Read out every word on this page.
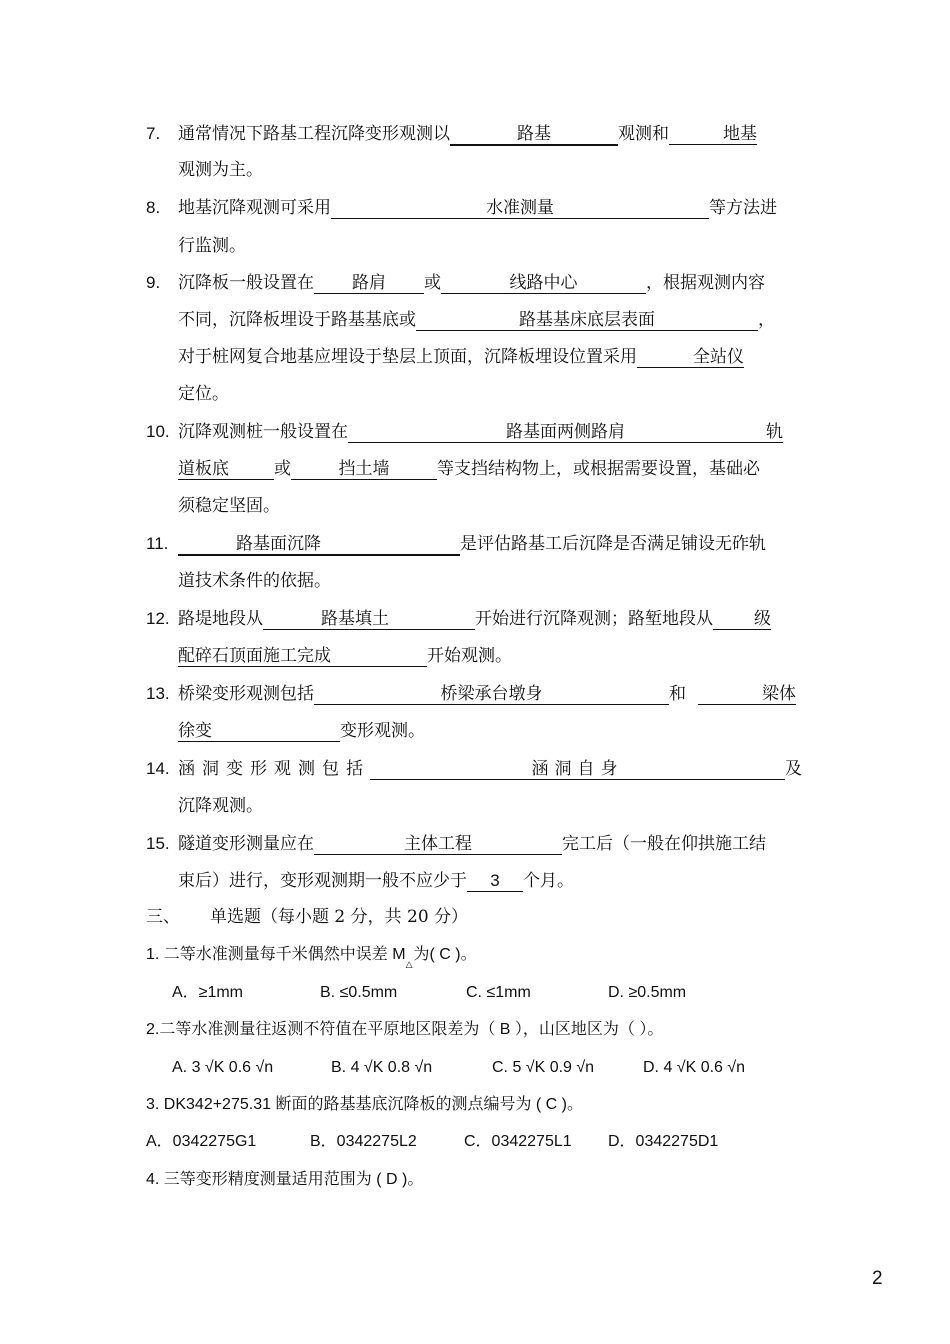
7. 通常情况下路基工程沉降变形观测以	路基	观测和	地基
观测为主。
8. 地基沉降观测可采用	水准测量	等方法进
行监测。
9. 沉降板一般设置在 路肩 或	线路中心	，根据观测内容
不同，沉降板埋设于路基基底或	路基基床底层表面	，
对于桩网复合地基应埋设于垫层上顶面，沉降板埋设位置采用	全站仪
定位。
10. 沉降观测桩一般设置在	路基面两侧路肩	轨
道板底	或	挡土墙	等支挡结构物上，或根据需要设置，基础必
须稳定坚固。
11.	路基面沉降	是评估路基工后沉降是否满足铺设无砟轨
道技术条件的依据。
12. 路堤地段从	路基填土	开始进行沉降观测；路堑地段从 级
配碎石顶面施工完成	开始观测。
13. 桥梁变形观测包括	桥梁承台墩身	和	梁体
徐变	变形观测。
14. 涵洞变形观测包括	涵洞自身	及
沉降观测。
15. 隧道变形测量应在	主体工程	完工后（一般在仰拱施工结
束后）进行，变形观测期一般不应少于 3 个月。
三、 单选题（每小题 2 分，共 20 分）
1. 二等水准测量每千米偶然中误差 $M_\triangle$为( C )。
A．≥1mm	B. ≤0.5mm	C. ≤1mm	D. ≥0.5mm
2.二等水准测量往返测不符值在平原地区限差为（ B ），山区地区为（ ）。
A. 3 √K 0.6 √n	B. 4 √K 0.8 √n	C. 5 √K 0.9 √n	D. 4 √K 0.6 √n
3. DK342+275.31 断面的路基基底沉降板的测点编号为 ( C )。
A．0342275G1	B．0342275L2	C．0342275L1 D．0342275D1
4. 三等变形精度测量适用范围为 ( D )。
2
